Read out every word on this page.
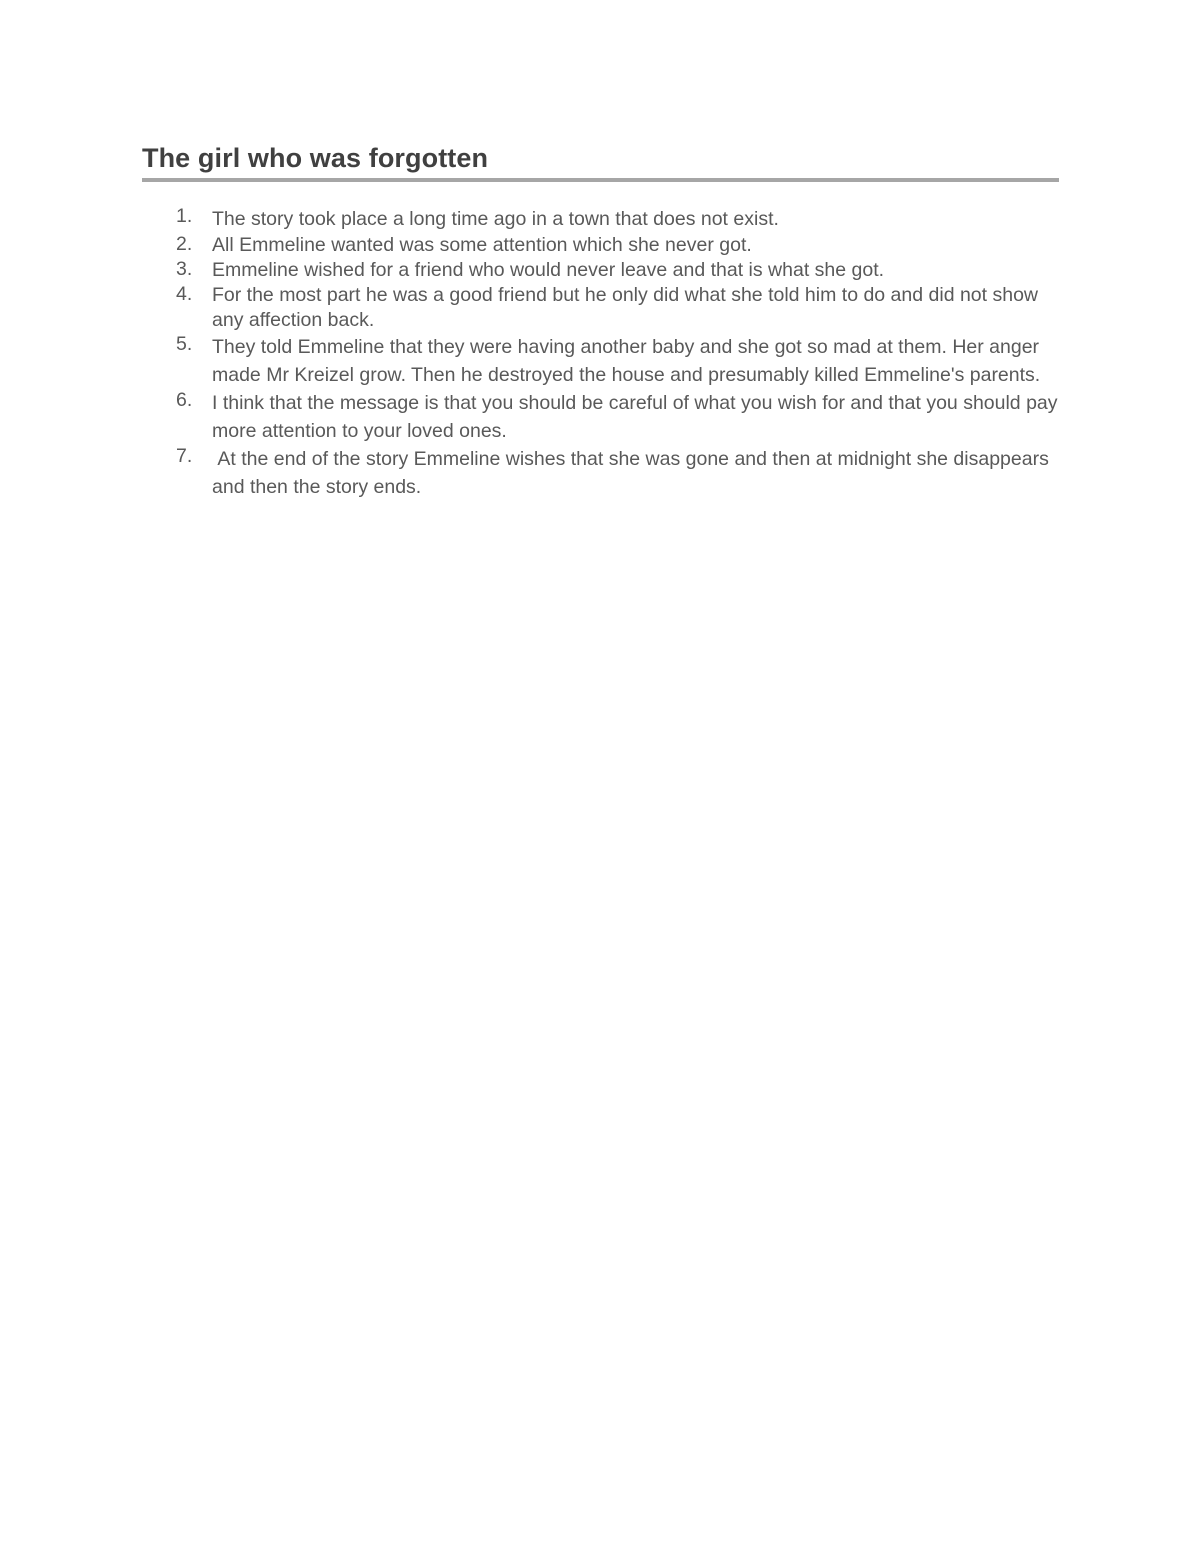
The girl who was forgotten
1. The story took place a long time ago in a town that does not exist.
2. All Emmeline wanted was some attention which she never got.
3. Emmeline wished for a friend who would never leave and that is what she got.
4. For the most part he was a good friend but he only did what she told him to do and did not show any affection back.
5. They told Emmeline that they were having another baby and she got so mad at them. Her anger made Mr Kreizel grow. Then he destroyed the house and presumably killed Emmeline's parents.
6. I think that the message is that you should be careful of what you wish for and that you should pay more attention to your loved ones.
7. At the end of the story Emmeline wishes that she was gone and then at midnight she disappears and then the story ends.
